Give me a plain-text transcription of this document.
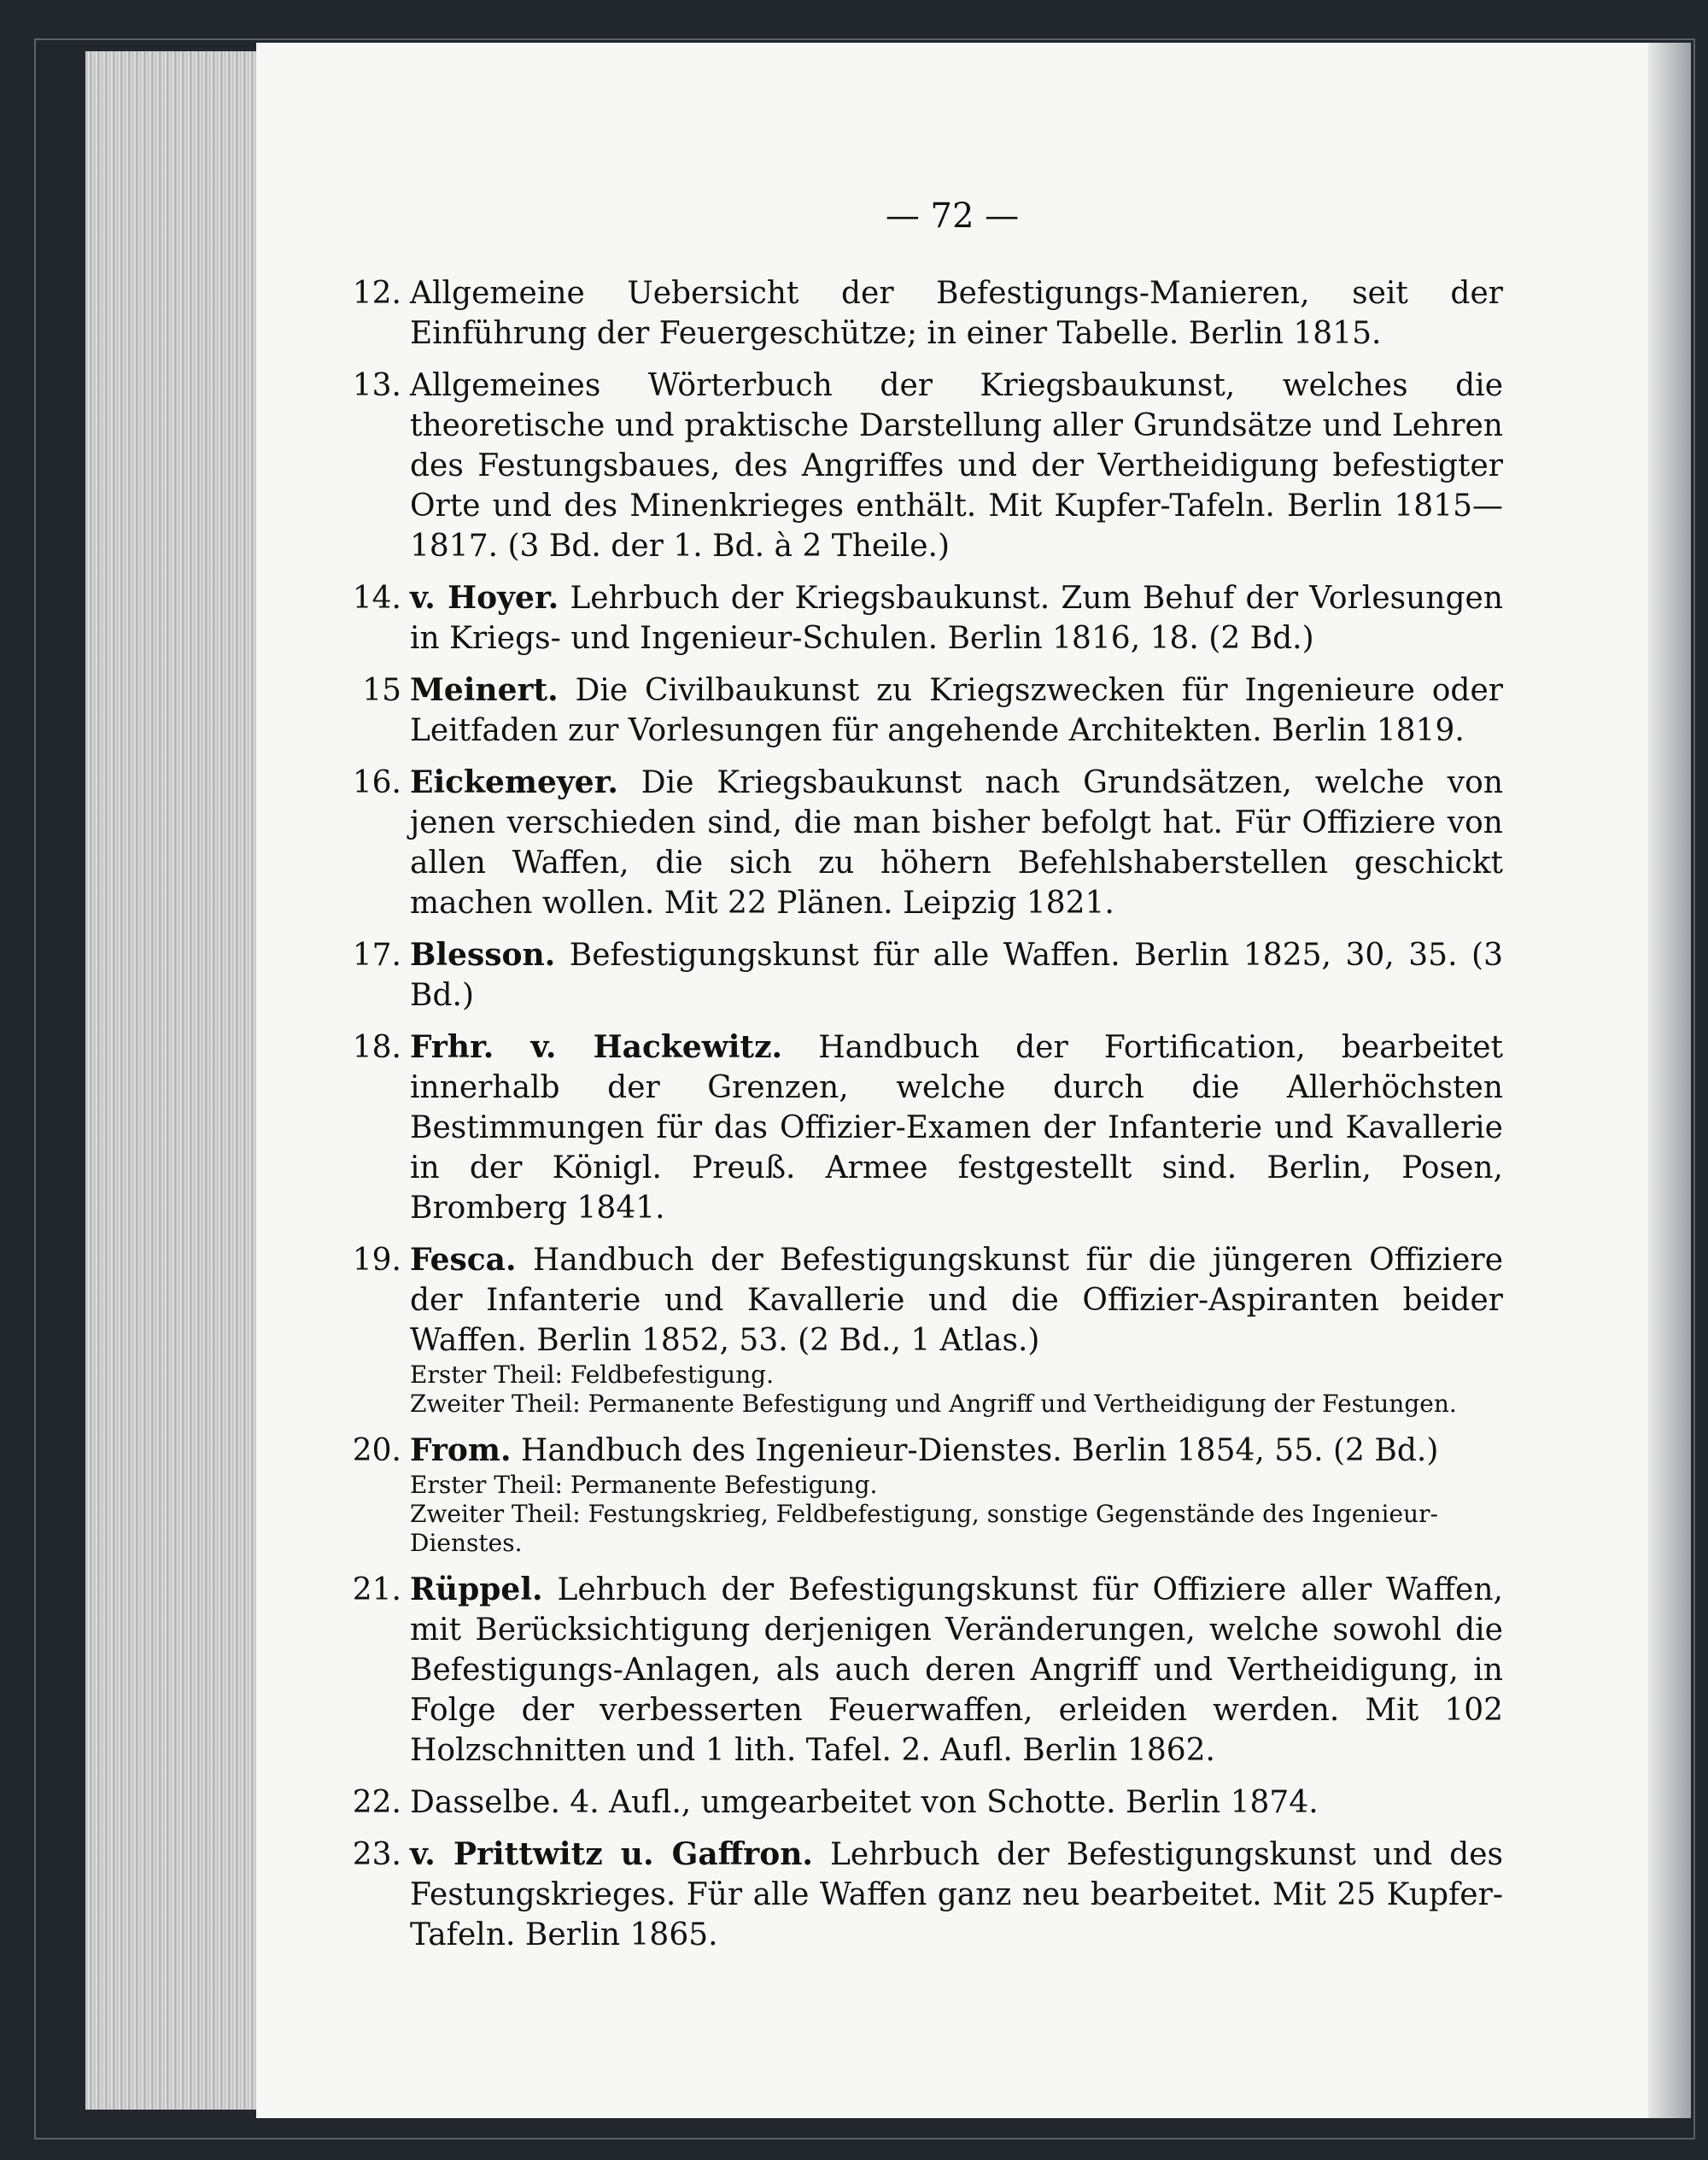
— 72 —
12. Allgemeine Uebersicht der Befestigungs-Manieren, seit der Einführung der Feuergeschütze; in einer Tabelle. Berlin 1815.
13. Allgemeines Wörterbuch der Kriegsbaukunst, welches die theoretische und praktische Darstellung aller Grundsätze und Lehren des Festungsbaues, des Angriffes und der Vertheidigung befestigter Orte und des Minenkrieges enthält. Mit Kupfer-Tafeln. Berlin 1815—1817. (3 Bd. der 1. Bd. à 2 Theile.)
14. v. Hoyer. Lehrbuch der Kriegsbaukunst. Zum Behuf der Vorlesungen in Kriegs- und Ingenieur-Schulen. Berlin 1816, 18. (2 Bd.)
15 Meinert. Die Civilbaukunst zu Kriegszwecken für Ingenieure oder Leitfaden zur Vorlesungen für angehende Architekten. Berlin 1819.
16. Eickemeyer. Die Kriegsbaukunst nach Grundsätzen, welche von jenen verschieden sind, die man bisher befolgt hat. Für Offiziere von allen Waffen, die sich zu höhern Befehlshaberstellen geschickt machen wollen. Mit 22 Plänen. Leipzig 1821.
17. Blesson. Befestigungskunst für alle Waffen. Berlin 1825, 30, 35. (3 Bd.)
18. Frhr. v. Hackewitz. Handbuch der Fortification, bearbeitet innerhalb der Grenzen, welche durch die Allerhöchsten Bestimmungen für das Offizier-Examen der Infanterie und Kavallerie in der Königl. Preuß. Armee festgestellt sind. Berlin, Posen, Bromberg 1841.
19. Fesca. Handbuch der Befestigungskunst für die jüngeren Offiziere der Infanterie und Kavallerie und die Offizier-Aspiranten beider Waffen. Berlin 1852, 53. (2 Bd., 1 Atlas.)
Erster Theil: Feldbefestigung.
Zweiter Theil: Permanente Befestigung und Angriff und Vertheidigung der Festungen.
20. From. Handbuch des Ingenieur-Dienstes. Berlin 1854, 55. (2 Bd.)
Erster Theil: Permanente Befestigung.
Zweiter Theil: Festungskrieg, Feldbefestigung, sonstige Gegenstände des Ingenieur-Dienstes.
21. Rüppel. Lehrbuch der Befestigungskunst für Offiziere aller Waffen, mit Berücksichtigung derjenigen Veränderungen, welche sowohl die Befestigungs-Anlagen, als auch deren Angriff und Vertheidigung, in Folge der verbesserten Feuerwaffen, erleiden werden. Mit 102 Holzschnitten und 1 lith. Tafel. 2. Aufl. Berlin 1862.
22. Dasselbe. 4. Aufl., umgearbeitet von Schotte. Berlin 1874.
23. v. Prittwitz u. Gaffron. Lehrbuch der Befestigungskunst und des Festungskrieges. Für alle Waffen ganz neu bearbeitet. Mit 25 Kupfer-Tafeln. Berlin 1865.
